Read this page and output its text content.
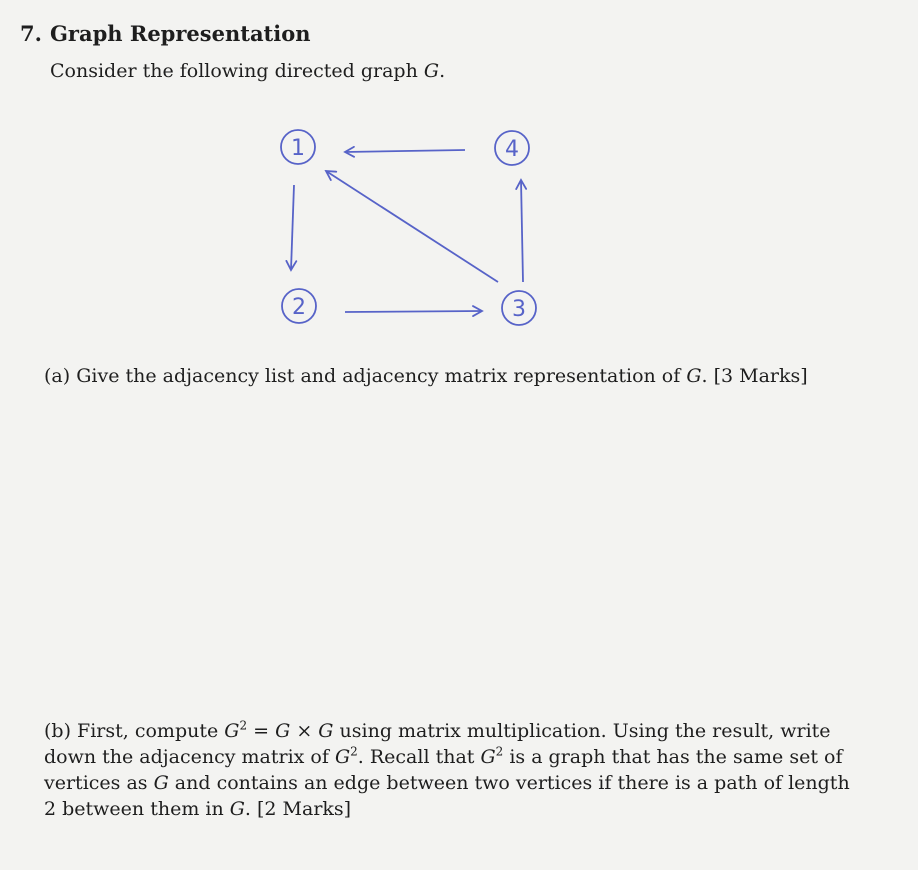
7. Graph Representation
Consider the following directed graph G.
1	4
2	3
(a) Give the adjacency list and adjacency matrix representation of G. [3 Marks]
(b) First, compute $G^2 = G \times G$ using matrix multiplication. Using the result, write down the adjacency matrix of $G^2$. Recall that $G^2$ is a graph that has the same set of vertices as G and contains an edge between two vertices if there is a path of length 2 between them in G. [2 Marks]
